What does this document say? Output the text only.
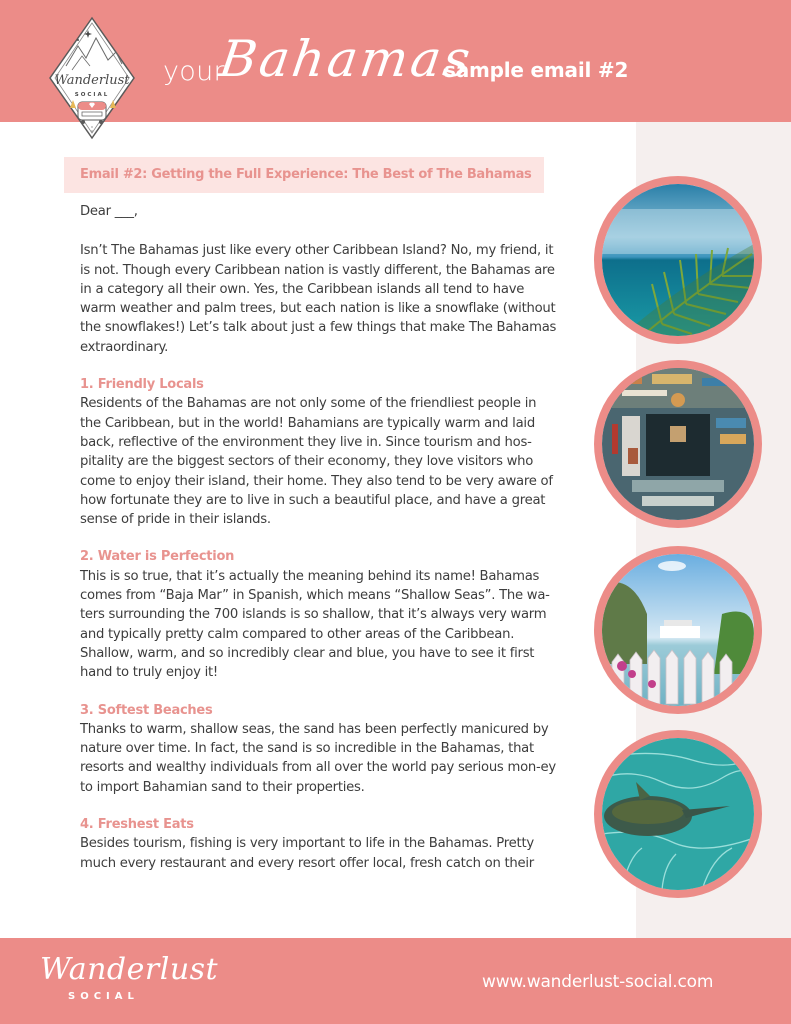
Wanderlust
SOCIAL
your
Bahamas
sample email #2
Email #2: Getting the Full Experience: The Best of The Bahamas

Dear ___,

Isn’t The Bahamas just like every other Caribbean Island? No, my friend, it is not. Though every Caribbean nation is vastly different, the Bahamas are in a category all their own. Yes, the Caribbean islands all tend to have warm weather and palm trees, but each nation is like a snowflake (without the snowflakes!) Let’s talk about just a few things that make The Bahamas extraordinary.

1. Friendly Locals

Residents of the Bahamas are not only some of the friendliest people in the Caribbean, but in the world! Bahamians are typically warm and laid back, reflective of the environment they live in. Since tourism and hos-pitality are the biggest sectors of their economy, they love visitors who come to enjoy their island, their home. They also tend to be very aware of how fortunate they are to live in such a beautiful place, and have a great sense of pride in their islands.

2. Water is Perfection

This is so true, that it’s actually the meaning behind its name! Bahamas comes from “Baja Mar” in Spanish, which means “Shallow Seas”. The wa-ters surrounding the 700 islands is so shallow, that it’s always very warm and typically pretty calm compared to other areas of the Caribbean. Shallow, warm, and so incredibly clear and blue, you have to see it first hand to truly enjoy it!

3. Softest Beaches

Thanks to warm, shallow seas, the sand has been perfectly manicured by nature over time. In fact, the sand is so incredible in the Bahamas, that resorts and wealthy individuals from all over the world pay serious mon-ey to import Bahamian sand to their properties.

4. Freshest Eats

Besides tourism, fishing is very important to life in the Bahamas. Pretty much every restaurant and every resort offer local, fresh catch on their

Wanderlust
SOCIAL
www.wanderlust-social.com
